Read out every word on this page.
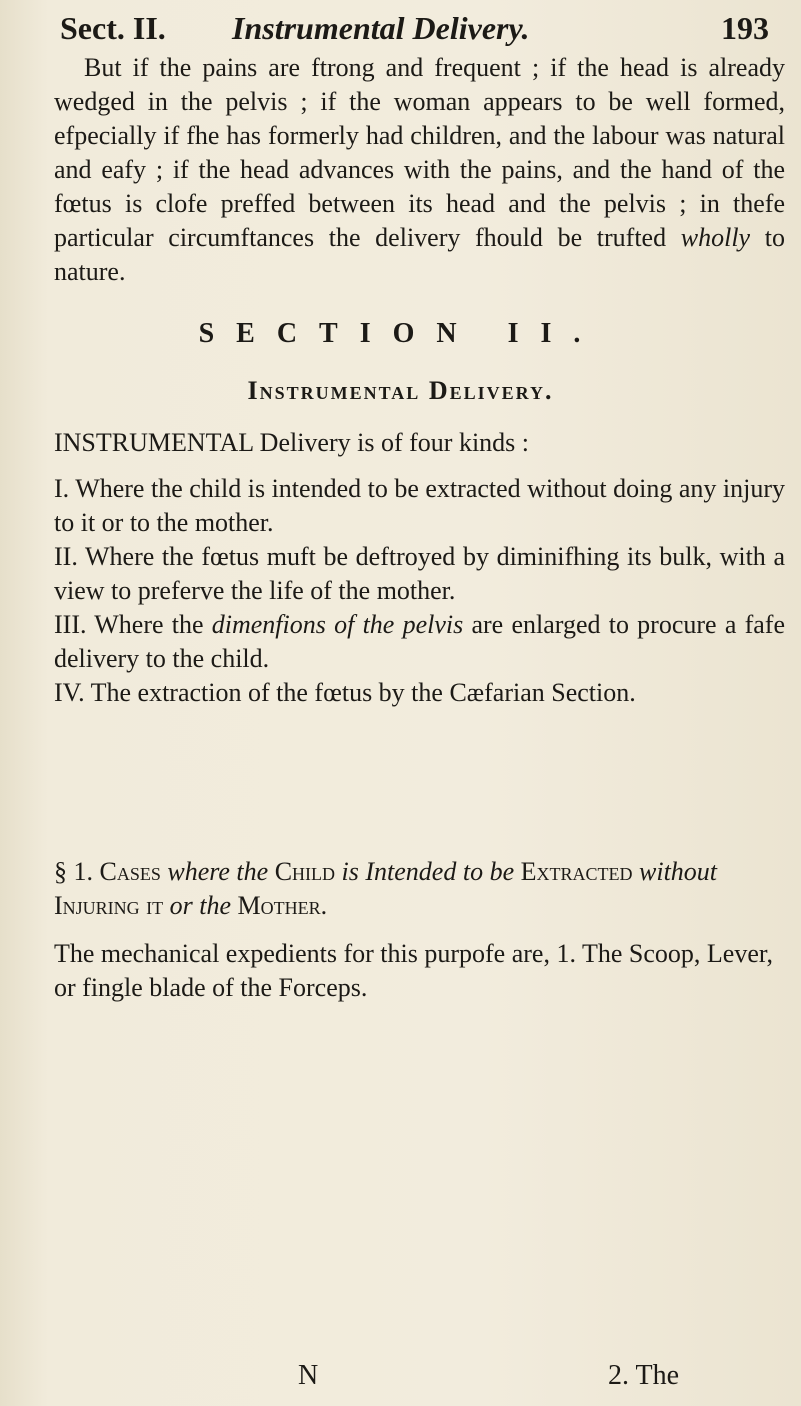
Sect. II. Instrumental Delivery.	193
But if the pains are ftrong and frequent ; if the head is already wedged in the pelvis ; if the woman appears to be well formed, efpecially if fhe has formerly had children, and the labour was natural and eafy ; if the head advances with the pains, and the hand of the fœtus is clofe preffed between its head and the pelvis ; in thefe particular circumftances the delivery fhould be trufted wholly to nature.
SECTION II.
Instrumental Delivery.
INSTRUMENTAL Delivery is of four kinds :

I. Where the child is intended to be extracted without doing any injury to it or to the mother.

II. Where the fœtus muft be deftroyed by diminifhing its bulk, with a view to preferve the life of the mother.

III. Where the dimenfions of the pelvis are enlarged to procure a fafe delivery to the child.

IV. The extraction of the fœtus by the Cæfarian Section.

§ 1. Cases where the Child is Intended to be Extracted without Injuring it or the Mother.
The mechanical expedients for this purpofe are, 1. The Scoop, Lever, or fingle blade of the Forceps.
N	2. The
